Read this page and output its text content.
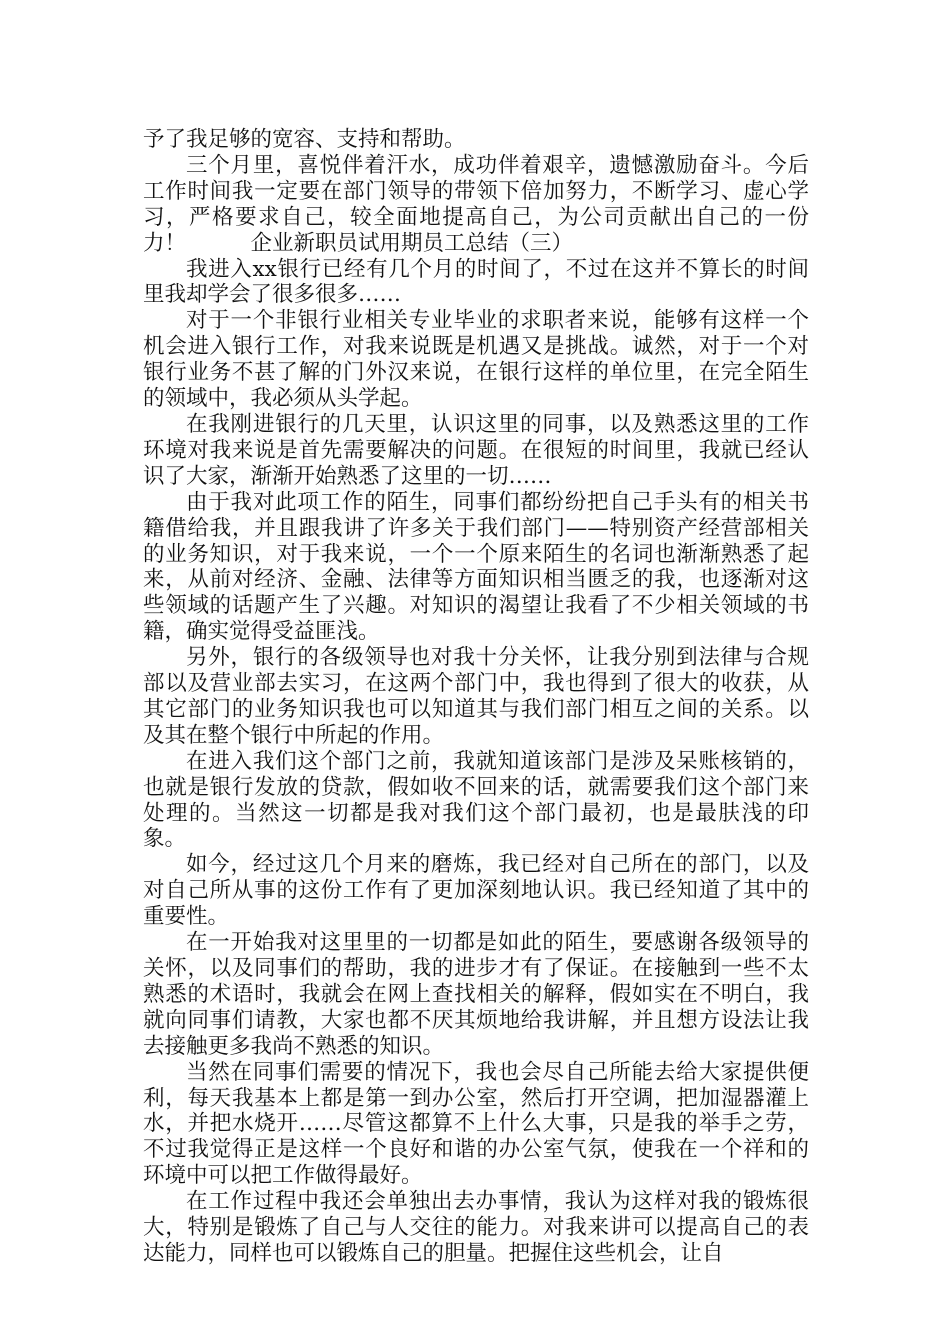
予了我足够的宽容、支持和帮助。

三个月里，喜悦伴着汗水，成功伴着艰辛，遗憾激励奋斗。今后工作时间我一定要在部门领导的带领下倍加努力，不断学习、虚心学习，严格要求自己，较全面地提高自己，为公司贡献出自己的一份力！　　　企业新职员试用期员工总结（三）

我进入xx银行已经有几个月的时间了，不过在这并不算长的时间里我却学会了很多很多……

对于一个非银行业相关专业毕业的求职者来说，能够有这样一个机会进入银行工作，对我来说既是机遇又是挑战。诚然，对于一个对银行业务不甚了解的门外汉来说，在银行这样的单位里，在完全陌生的领域中，我必须从头学起。

在我刚进银行的几天里，认识这里的同事，以及熟悉这里的工作环境对我来说是首先需要解决的问题。在很短的时间里，我就已经认识了大家，渐渐开始熟悉了这里的一切……

由于我对此项工作的陌生，同事们都纷纷把自己手头有的相关书籍借给我，并且跟我讲了许多关于我们部门——特别资产经营部相关的业务知识，对于我来说，一个一个原来陌生的名词也渐渐熟悉了起来，从前对经济、金融、法律等方面知识相当匮乏的我，也逐渐对这些领域的话题产生了兴趣。对知识的渴望让我看了不少相关领域的书籍，确实觉得受益匪浅。

另外，银行的各级领导也对我十分关怀，让我分别到法律与合规部以及营业部去实习，在这两个部门中，我也得到了很大的收获，从其它部门的业务知识我也可以知道其与我们部门相互之间的关系。以及其在整个银行中所起的作用。

在进入我们这个部门之前，我就知道该部门是涉及呆账核销的，也就是银行发放的贷款，假如收不回来的话，就需要我们这个部门来处理的。当然这一切都是我对我们这个部门最初，也是最肤浅的印象。

如今，经过这几个月来的磨炼，我已经对自己所在的部门，以及对自己所从事的这份工作有了更加深刻地认识。我已经知道了其中的重要性。

在一开始我对这里里的一切都是如此的陌生，要感谢各级领导的关怀，以及同事们的帮助，我的进步才有了保证。在接触到一些不太熟悉的术语时，我就会在网上查找相关的解释，假如实在不明白，我就向同事们请教，大家也都不厌其烦地给我讲解，并且想方设法让我去接触更多我尚不熟悉的知识。

当然在同事们需要的情况下，我也会尽自己所能去给大家提供便利，每天我基本上都是第一到办公室，然后打开空调，把加湿器灌上水，并把水烧开……尽管这都算不上什么大事，只是我的举手之劳，不过我觉得正是这样一个良好和谐的办公室气氛，使我在一个祥和的环境中可以把工作做得最好。

在工作过程中我还会单独出去办事情，我认为这样对我的锻炼很大，特别是锻炼了自己与人交往的能力。对我来讲可以提高自己的表达能力，同样也可以锻炼自己的胆量。把握住这些机会，让自
